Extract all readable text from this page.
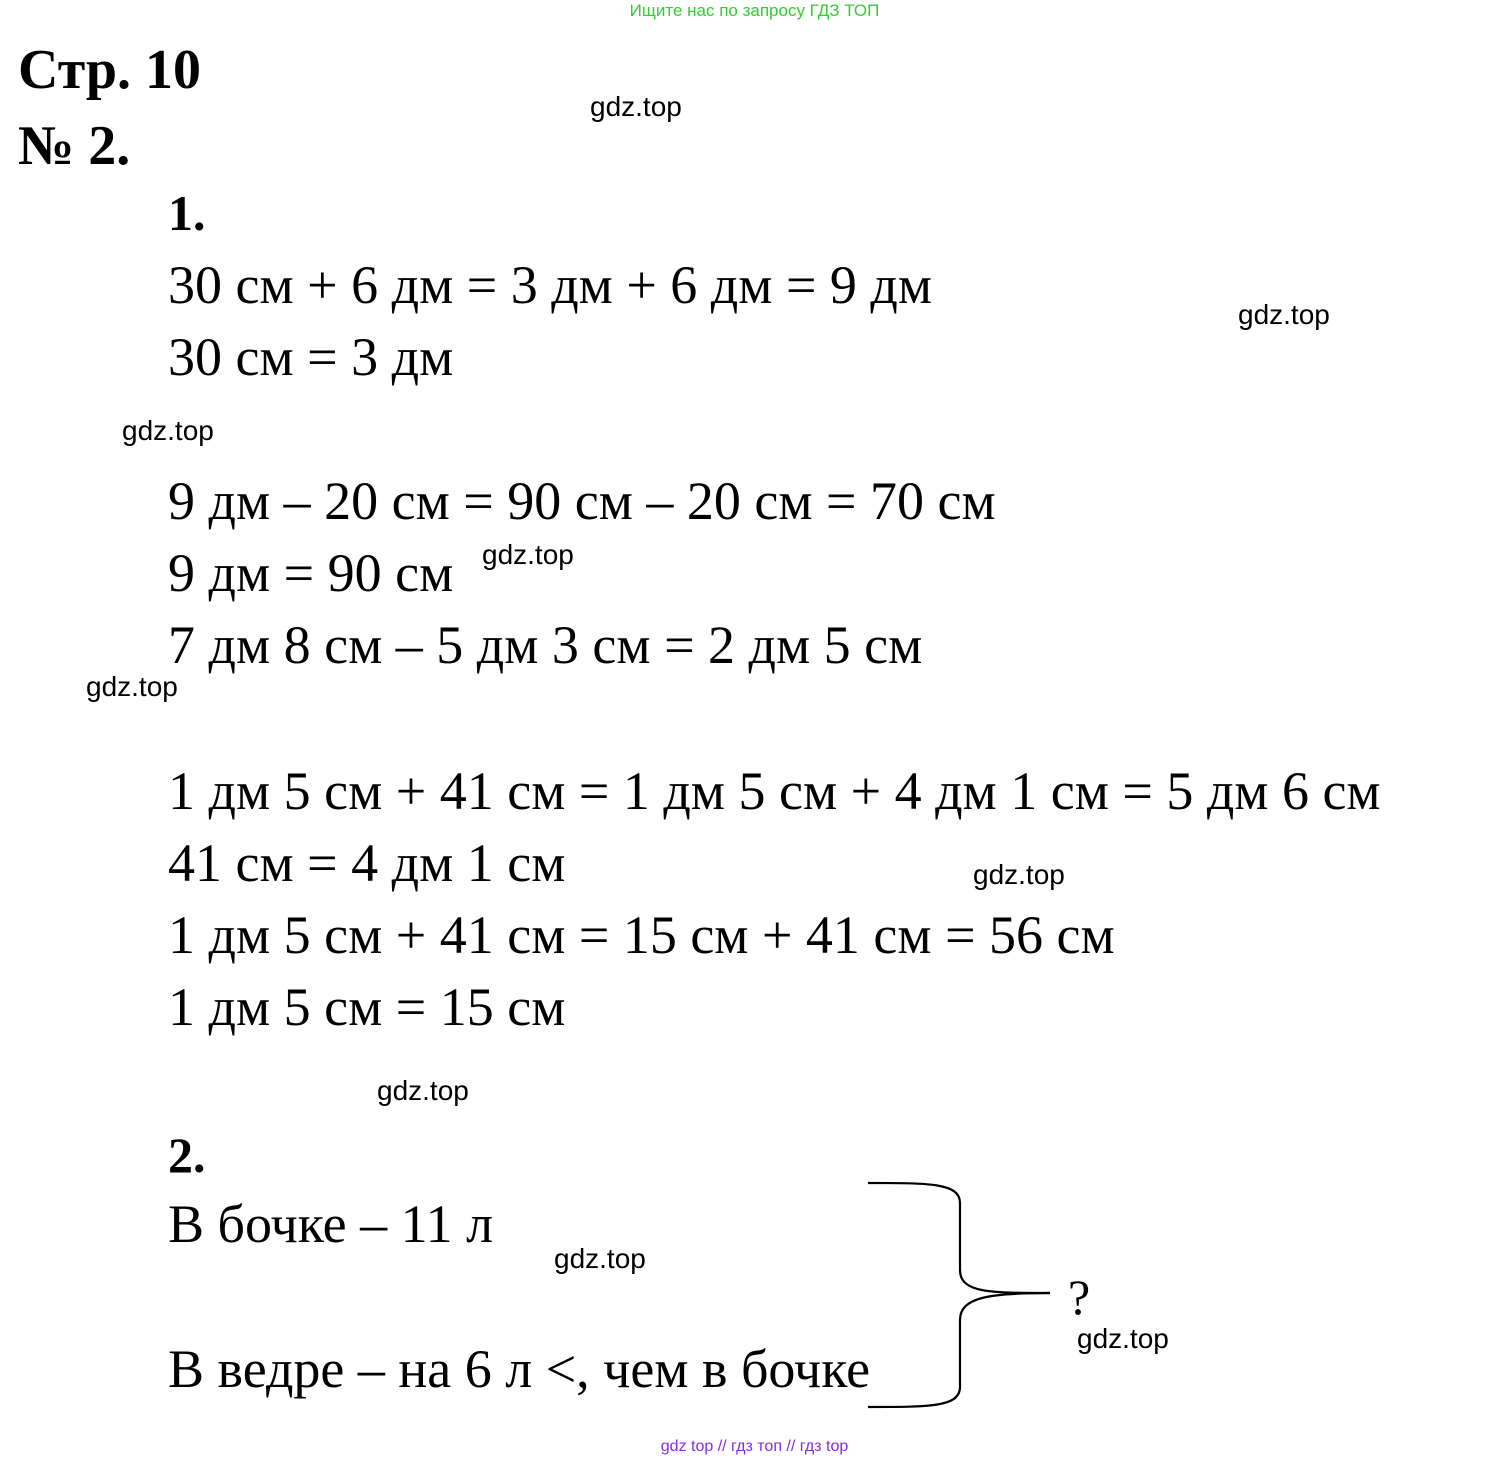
Ищите нас по запросу ГДЗ ТОП
Стр. 10
№ 2.
1.
30 см + 6 дм = 3 дм + 6 дм = 9 дм
30 см = 3 дм
9 дм – 20 см = 90 см – 20 см = 70 см
9 дм = 90 см
7 дм 8 см – 5 дм 3 см = 2 дм 5 см
1 дм 5 см + 41 см = 1 дм 5 см + 4 дм 1 см = 5 дм 6 см
41 см = 4 дм 1 см
1 дм 5 см + 41 см = 15 см + 41 см = 56 см
1 дм 5 см = 15 см
2.
В бочке – 11 л
В ведре – на 6 л <, чем в бочке
?
gdz.top
gdz.top
gdz.top
gdz.top
gdz.top
gdz.top
gdz.top
gdz.top
gdz.top
gdz top // гдз топ // гдз top
